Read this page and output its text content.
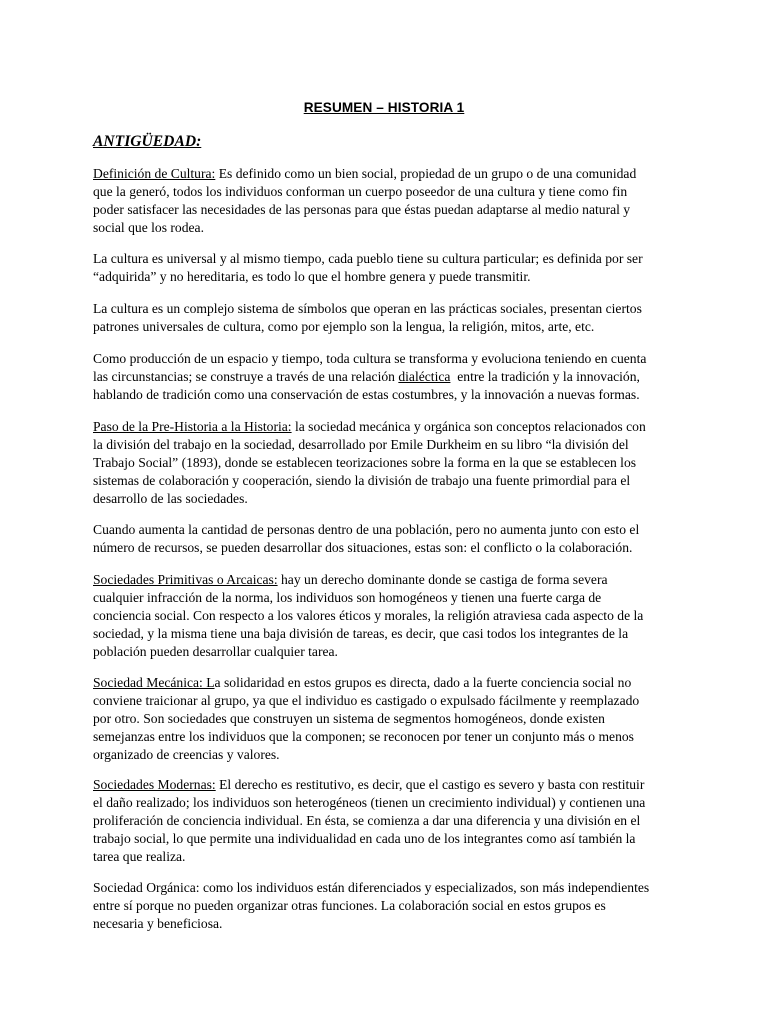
RESUMEN – HISTORIA 1
ANTIGÜEDAD:

Definición de Cultura: Es definido como un bien social, propiedad de un grupo o de una comunidad
que la generó, todos los individuos conforman un cuerpo poseedor de una cultura y tiene como fin
poder satisfacer las necesidades de las personas para que éstas puedan adaptarse al medio natural y
social que los rodea.

La cultura es universal y al mismo tiempo, cada pueblo tiene su cultura particular; es definida por ser
“adquirida” y no hereditaria, es todo lo que el hombre genera y puede transmitir.

La cultura es un complejo sistema de símbolos que operan en las prácticas sociales, presentan ciertos
patrones universales de cultura, como por ejemplo son la lengua, la religión, mitos, arte, etc.

Como producción de un espacio y tiempo, toda cultura se transforma y evoluciona teniendo en cuenta
las circunstancias; se construye a través de una relación dialéctica  entre la tradición y la innovación,
hablando de tradición como una conservación de estas costumbres, y la innovación a nuevas formas.

Paso de la Pre-Historia a la Historia: la sociedad mecánica y orgánica son conceptos relacionados con
la división del trabajo en la sociedad, desarrollado por Emile Durkheim en su libro “la división del
Trabajo Social” (1893), donde se establecen teorizaciones sobre la forma en la que se establecen los
sistemas de colaboración y cooperación, siendo la división de trabajo una fuente primordial para el
desarrollo de las sociedades.

Cuando aumenta la cantidad de personas dentro de una población, pero no aumenta junto con esto el
número de recursos, se pueden desarrollar dos situaciones, estas son: el conflicto o la colaboración.

Sociedades Primitivas o Arcaicas: hay un derecho dominante donde se castiga de forma severa
cualquier infracción de la norma, los individuos son homogéneos y tienen una fuerte carga de
conciencia social. Con respecto a los valores éticos y morales, la religión atraviesa cada aspecto de la
sociedad, y la misma tiene una baja división de tareas, es decir, que casi todos los integrantes de la
población pueden desarrollar cualquier tarea.

Sociedad Mecánica: La solidaridad en estos grupos es directa, dado a la fuerte conciencia social no
conviene traicionar al grupo, ya que el individuo es castigado o expulsado fácilmente y reemplazado
por otro. Son sociedades que construyen un sistema de segmentos homogéneos, donde existen
semejanzas entre los individuos que la componen; se reconocen por tener un conjunto más o menos
organizado de creencias y valores.

Sociedades Modernas: El derecho es restitutivo, es decir, que el castigo es severo y basta con restituir
el daño realizado; los individuos son heterogéneos (tienen un crecimiento individual) y contienen una
proliferación de conciencia individual. En ésta, se comienza a dar una diferencia y una división en el
trabajo social, lo que permite una individualidad en cada uno de los integrantes como así también la
tarea que realiza.

Sociedad Orgánica: como los individuos están diferenciados y especializados, son más independientes
entre sí porque no pueden organizar otras funciones. La colaboración social en estos grupos es
necesaria y beneficiosa.
